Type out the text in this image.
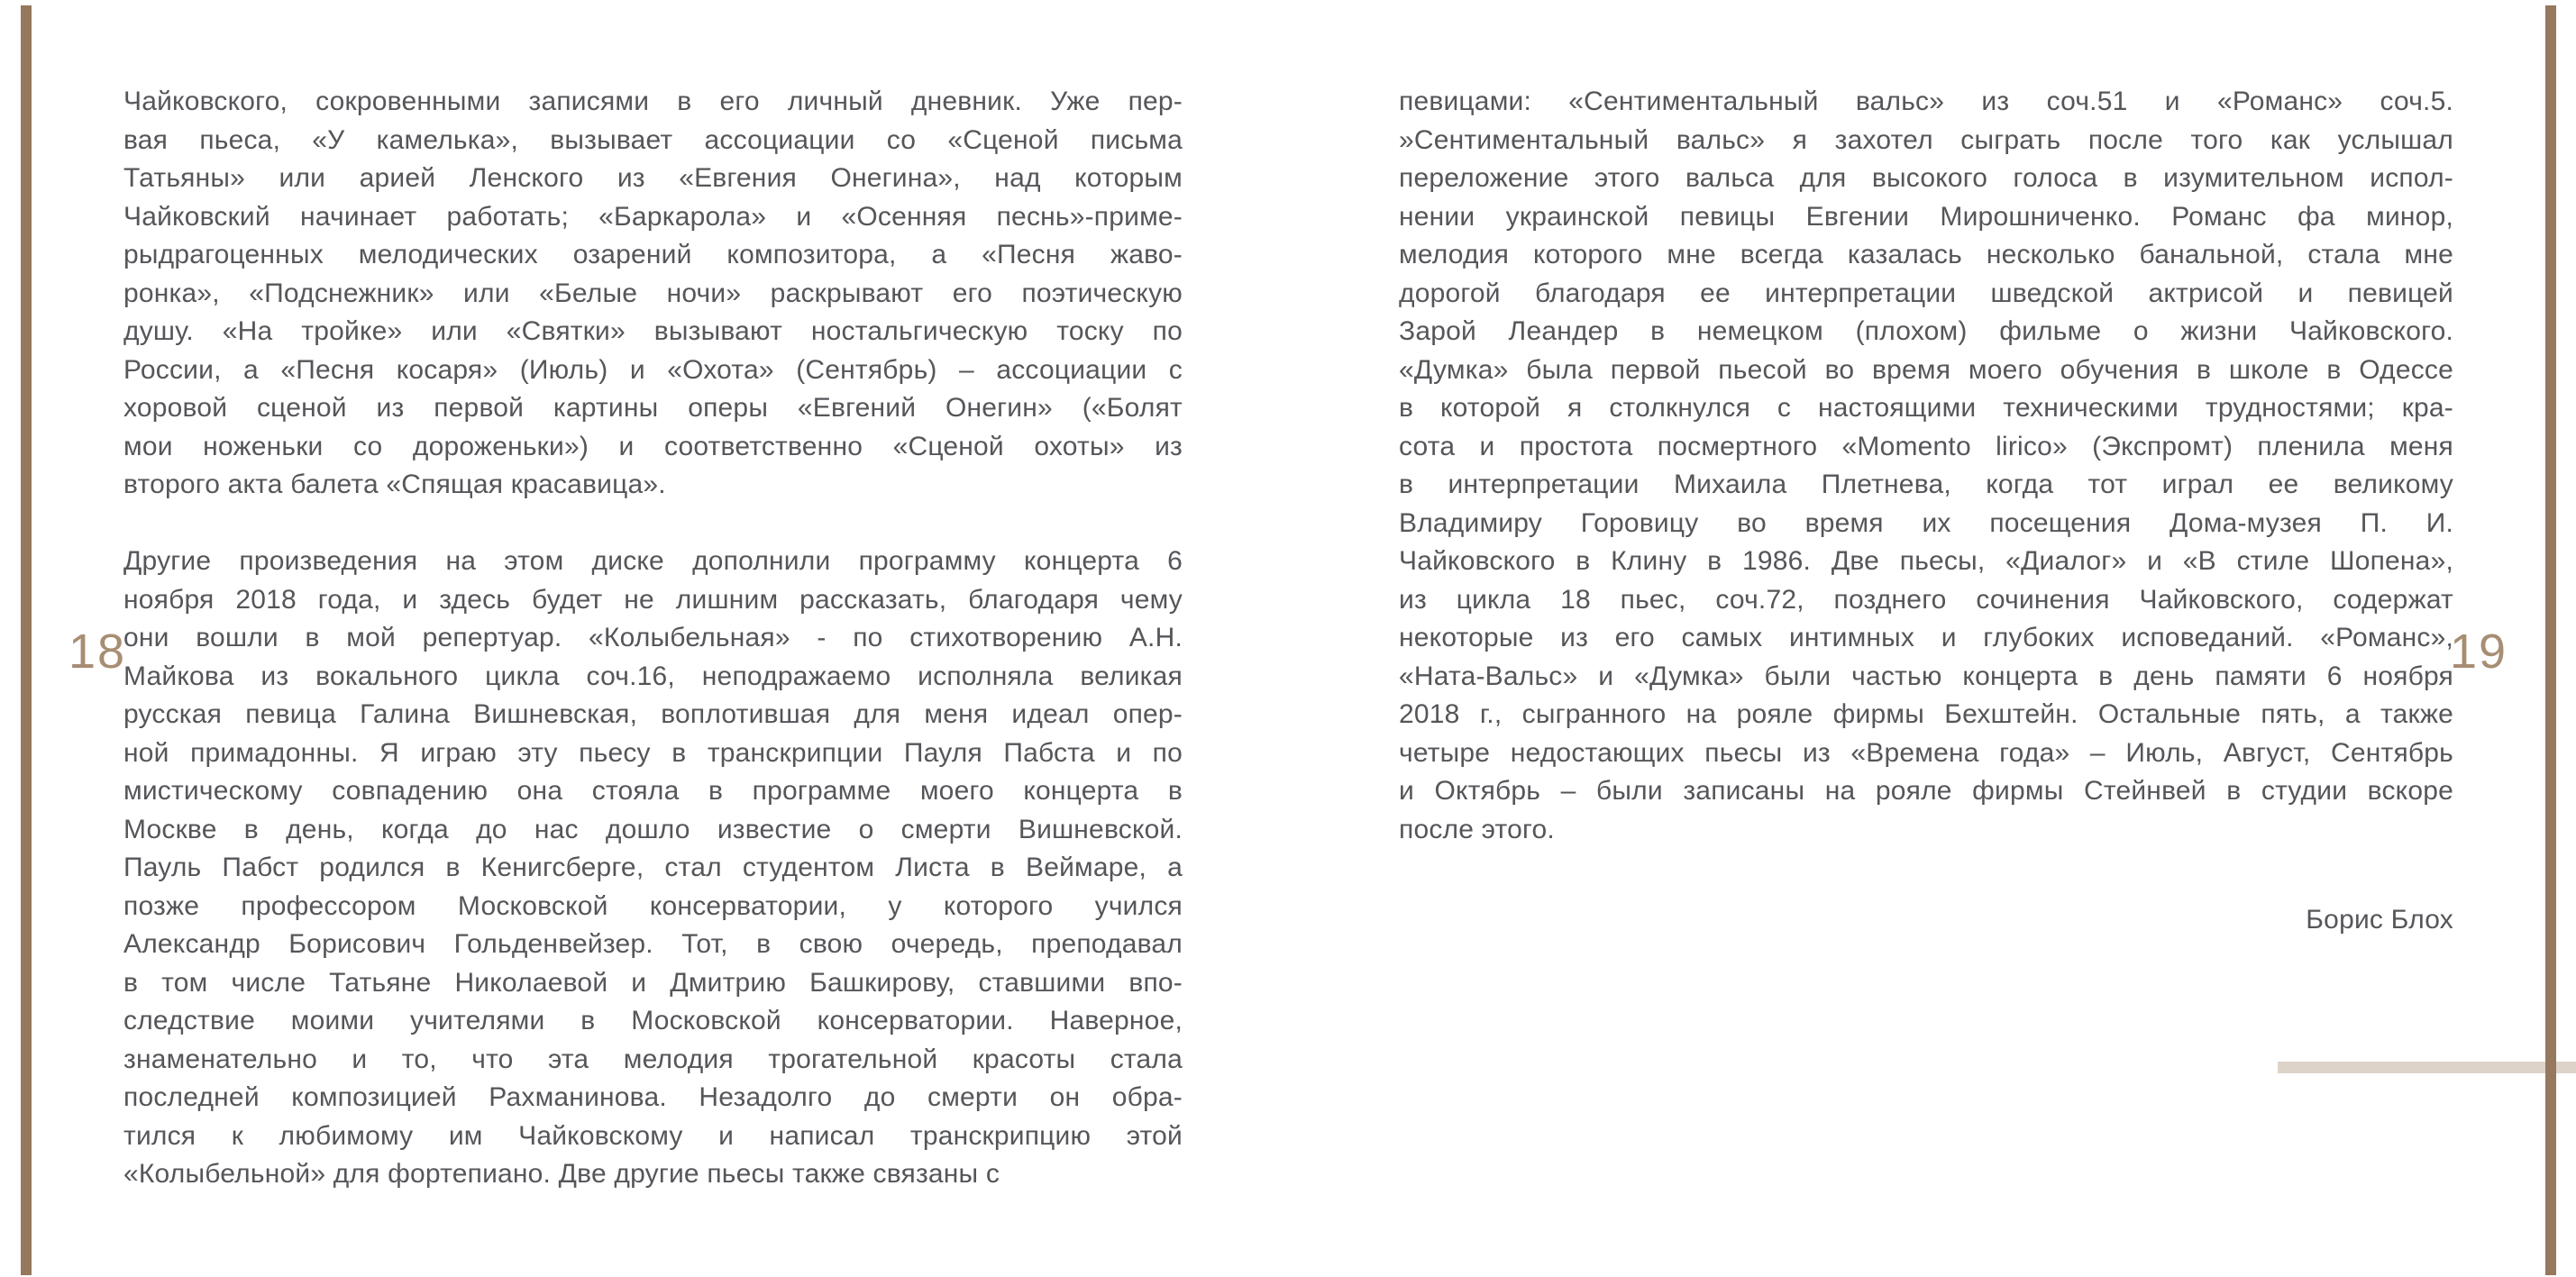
18	19
Чайковского, сокровенными записями в его личный дневник. Уже пер-
вая пьеса, «У камелька», вызывает ассоциации со «Сценой письма
Татьяны» или арией Ленского из «Евгения Онегина», над которым
Чайковский начинает работать; «Баркарола» и «Осенняя песнь»-приме-
рыдрагоценных мелодических озарений композитора, а «Песня жаво-
ронка», «Подснежник» или «Белые ночи» раскрывают его поэтическую
душу. «На тройке» или «Святки» вызывают ностальгическую тоску по
России, а «Песня косаря» (Июль) и «Охота» (Сентябрь) – ассоциации с
хоровой сценой из первой картины оперы «Евгений Онегин» («Болят
мои ноженьки со дороженьки») и соответственно «Сценой охоты» из
второго акта балета «Спящая красавица».
Другие произведения на этом диске дополнили программу концерта 6
ноября 2018 года, и здесь будет не лишним рассказать, благодаря чему
они вошли в мой репертуар. «Колыбельная» - по стихотворению А.Н.
Майкова из вокального цикла соч.16, неподражаемо исполняла великая
русская певица Галина Вишневская, воплотившая для меня идеал опер-
ной примадонны. Я играю эту пьесу в транскрипции Пауля Пабста и по
мистическому совпадению она стояла в программе моего концерта в
Москве в день, когда до нас дошло известие о смерти Вишневской.
Пауль Пабст родился в Кенигсберге, стал студентом Листа в Веймаре, а
позже профессором Московской консерватории, у которого учился
Александр Борисович Гольденвейзер. Тот, в свою очередь, преподавал
в том числе Татьяне Николаевой и Дмитрию Башкирову, ставшими впо-
следствие моими учителями в Московской консерватории. Наверное,
знаменательно и то, что эта мелодия трогательной красоты стала
последней композицией Рахманинова. Незадолго до смерти он обра-
тился к любимому им Чайковскому и написал транскрипцию этой
«Колыбельной» для фортепиано. Две другие пьесы также связаны с
певицами: «Сентиментальный вальс» из соч.51 и «Романс» соч.5.
»Сентиментальный вальс» я захотел сыграть после того как услышал
переложение этого вальса для высокого голоса в изумительном испол-
нении украинской певицы Евгении Мирошниченко. Романс фа минор,
мелодия которого мне всегда казалась несколько банальной, стала мне
дорогой благодаря ее интерпретации шведской актрисой и певицей
Зарой Леандер в немецком (плохом) фильме о жизни Чайковского.
«Думка» была первой пьесой во время моего обучения в школе в Одессе
в которой я столкнулся с настоящими техническими трудностями; кра-
сота и простота посмертного «Momento lirico» (Экспромт) пленила меня
в интерпретации Михаила Плетнева, когда тот играл ее великому
Владимиру Горовицу во время их посещения Дома-музея П. И.
Чайковского в Клину в 1986. Две пьесы, «Диалог» и «В стиле Шопена»,
из цикла 18 пьес, соч.72, позднего сочинения Чайковского, содержат
некоторые из его самых интимных и глубоких исповеданий. «Романс»,
«Ната-Вальс» и «Думка» были частью концерта в день памяти 6 ноября
2018 г., сыгранного на рояле фирмы Бехштейн. Остальные пять, а также
четыре недостающих пьесы из «Времена года» – Июль, Август, Сентябрь
и Октябрь – были записаны на рояле фирмы Стейнвей в студии вскоре
после этого.
Борис Блох
